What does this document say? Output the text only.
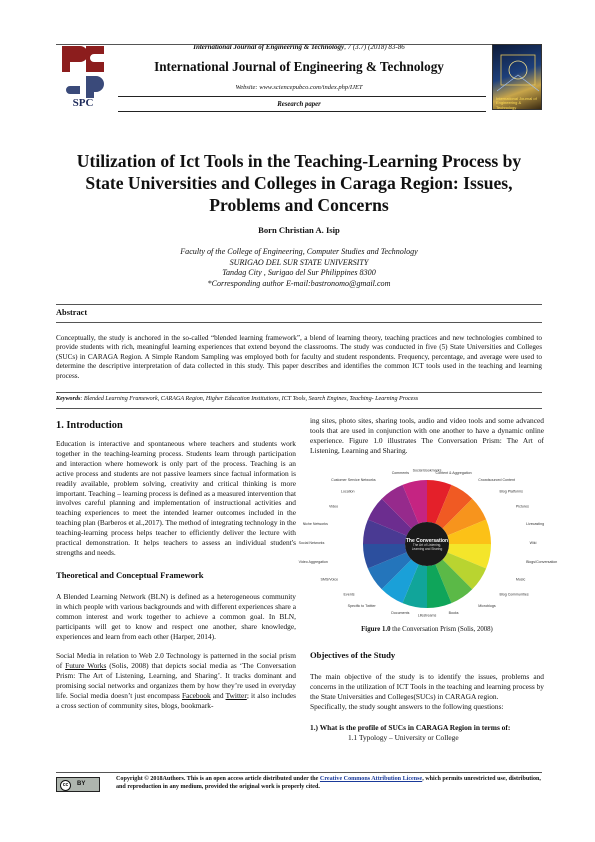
SPC
International Journal of Engineering & Technology, 7 (3.7) (2018) 83-86
International Journal of Engineering & Technology
Website: www.sciencepubco.com/index.php/IJET
Research paper
International Journal of Engineering & Technology
Utilization of Ict Tools in the Teaching-Learning Process by State Universities and Colleges in Caraga Region: Issues, Problems and Concerns
Born Christian A. Isip
Faculty of the College of Engineering, Computer Studies and Technology
SURIGAO DEL SUR STATE UNIVERSITY
Tandag City , Surigao del Sur Philippines 8300
*Corresponding author E-mail:bastronomo@gmail.com
Abstract
Conceptually, the study is anchored in the so-called “blended learning framework”, a blend of learning theory, teaching practices and new technologies combined to provide students with rich, meaningful learning experiences that extend beyond the classrooms. The study was conducted in five (5) State Universities and Colleges (SUCs) in CARAGA Region. A Simple Random Sampling was employed both for faculty and student respondents. Frequency, percentage, and average were used to determine the descriptive interpretation of data collected in this study. This paper describes and identifies the common ICT tools used in the teaching and learning process.
Keywords: Blended Learning Framework, CARAGA Region, Higher Education Institutions, ICT Tools, Search Engines, Teaching- Learning Process
1. Introduction
Education is interactive and spontaneous where teachers and students work together in the teaching-learning process. Students learn through participation and interaction where homework is only part of the process. Teaching is an active process and students are not passive learners since factual information is readily available, problem solving, creativity and critical thinking is more important. Teaching – learning process is defined as a measured intervention that involves careful planning and implementation of instructional activities and teaching experiences to meet the intended learner outcomes included in the teaching plan (Barberos et al.,2017). The method of integrating technology in the teaching-learning process helps teacher to efficiently deliver the lecture with practical demonstration. It helps teachers to assess an individual student's strengths and needs.
Theoretical and Conceptual Framework
A Blended Learning Network (BLN) is defined as a heterogeneous community in which people with various backgrounds and with different experiences share a common interest and work together to achieve a common goal. In BLN, participants will get to know and respect one another, share knowledge, experiences and learn from each other (Harper, 2014).
Social Media in relation to Web 2.0 Technology is patterned in the social prism of Future Works (Solis, 2008) that depicts social media as ‘The Conversation Prism: The Art of Listening, Learning, and Sharing’. It tracks dominant and promising social networks and organizes them by how they’re used in everyday life. Social media doesn’t just encompass Facebook and Twitter; it also includes a cross section of community sites, blogs, bookmark-
ing sites, photo sites, sharing tools, audio and video tools and some advanced tools that are used in conjunction with one another to have a dynamic online experience. Figure 1.0 illustrates The Conversation Prism: The Art of Listening, Learning and Sharing.
The Conversation
The Art of Listening, Learning and Sharing
Social Bookmarks
Content & Aggregation
Crowdsourced Content
Blog Platforms
Pictures
Livecasting
Wiki
Blogs/Conversation
Music
Blog Communities
Microblogs
Books
Lifestreams
Documents
Specific to Twitter
Events
SMS/Voice
Video Aggregation
Social Networks
Niche Networks
Video
Location
Customer Service Networks
Comments
Figure 1.0 the Conversation Prism (Solis, 2008)
Objectives of the Study
The main objective of the study is to identify the issues, problems and concerns in the utilization of ICT Tools in the teaching and learning process by the State Universities and Colleges(SUCs) in CARAGA region.
Specifically, the study sought answers to the following questions:
1.) What is the profile of SUCs in CARAGA Region in terms of:
1.1 Typology – University or College
cc	BY
Copyright © 2018Authors. This is an open access article distributed under the Creative Commons Attribution License, which permits unrestricted use, distribution, and reproduction in any medium, provided the original work is properly cited.
